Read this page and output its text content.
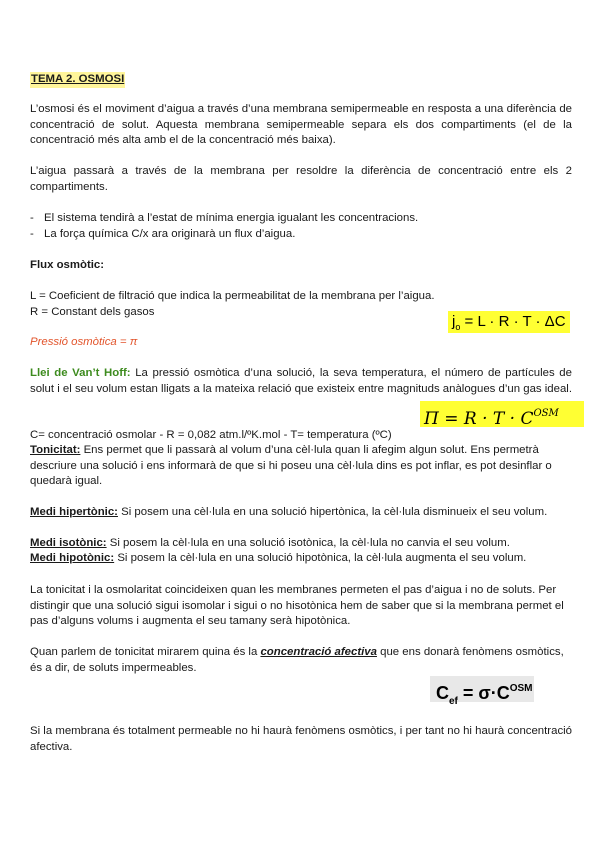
TEMA 2. OSMOSI
L’osmosi és el moviment d’aigua a través d’una membrana semipermeable en resposta a una diferència de concentració de solut. Aquesta membrana semipermeable separa els dos compartiments (el de la concentració més alta amb el de la concentració més baixa).
L’aigua passarà a través de la membrana per resoldre la diferència de concentració entre els 2 compartiments.
- El sistema tendirà a l’estat de mínima energia igualant les concentracions.
- La força química C/x ara originarà un flux d’aigua.
Flux osmòtic:
L = Coeficient de filtració que indica la permeabilitat de la membrana per l’aigua.
R = Constant dels gasos
$j_o = L \cdot R \cdot T \cdot \Delta C$
Pressió osmòtica = π
Llei de Van’t Hoff: La pressió osmòtica d’una solució, la seva temperatura, el número de partícules de solut i el seu volum estan lligats a la mateixa relació que existeix entre magnituds anàlogues d’un gas ideal.
$\Pi = R \cdot T \cdot C^{OSM}$
C= concentració osmolar - R = 0,082 atm.l/ºK.mol - T= temperatura (ºC)
Tonicitat: Ens permet que li passarà al volum d’una cèl·lula quan li afegim algun solut. Ens permetrà descriure una solució i ens informarà de que si hi poseu una cèl·lula dins es pot inflar, es pot desinflar o quedarà igual.
Medi hipertònic: Si posem una cèl·lula en una solució hipertònica, la cèl·lula disminueix el seu volum.
Medi isotònic: Si posem la cèl·lula en una solució isotònica, la cèl·lula no canvia el seu volum.
Medi hipotònic: Si posem la cèl·lula en una solució hipotònica, la cèl·lula augmenta el seu volum.
La tonicitat i la osmolaritat coincideixen quan les membranes permeten el pas d’aigua i no de soluts. Per distingir que una solució sigui isomolar i sigui o no hisotònica hem de saber que si la membrana permet el pas d’alguns volums i augmenta el seu tamany serà hipotònica.
Quan parlem de tonicitat mirarem quina és la concentració afectiva que ens donarà fenòmens osmòtics, és a dir, de soluts impermeables.
$C_{ef} = \sigma\cdot C^{OSM}$
Si la membrana és totalment permeable no hi haurà fenòmens osmòtics, i per tant no hi haurà concentració afectiva.
